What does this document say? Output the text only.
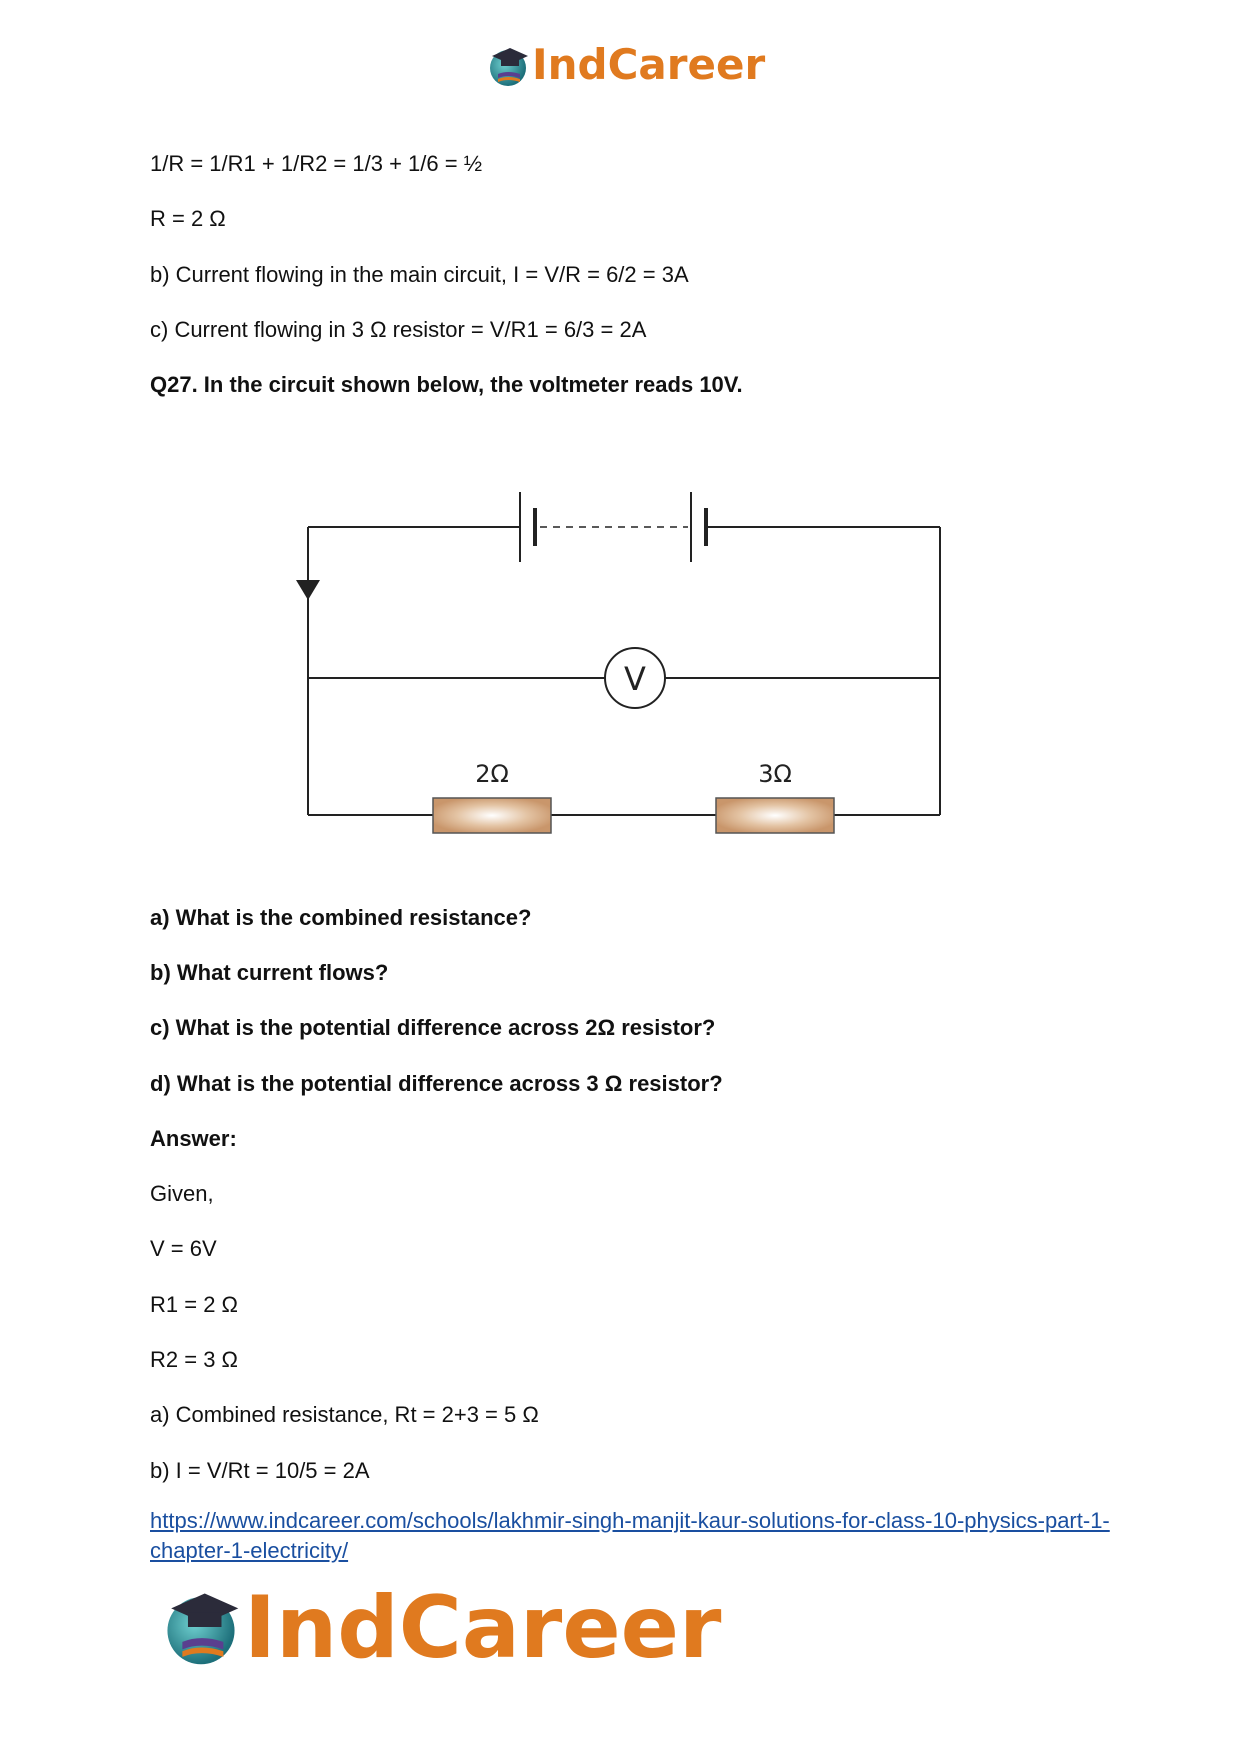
IndCareer
1/R = 1/R1 + 1/R2 = 1/3 + 1/6 = ½
R = 2 Ω
b) Current flowing in the main circuit, I = V/R = 6/2 = 3A
c) Current flowing in 3 Ω resistor = V/R1 = 6/3 = 2A
Q27. In the circuit shown below, the voltmeter reads 10V.
V
2Ω	3Ω
a) What is the combined resistance?
b) What current flows?
c) What is the potential difference across 2Ω resistor?
d) What is the potential difference across 3 Ω resistor?
Answer:
Given,
V = 6V
R1 = 2 Ω
R2 = 3 Ω
a) Combined resistance, Rt = 2+3 = 5 Ω
b) I = V/Rt = 10/5 = 2A
https://www.indcareer.com/schools/lakhmir-singh-manjit-kaur-solutions-for-class-10-physics-part-1-chapter-1-electricity/
IndCareer
